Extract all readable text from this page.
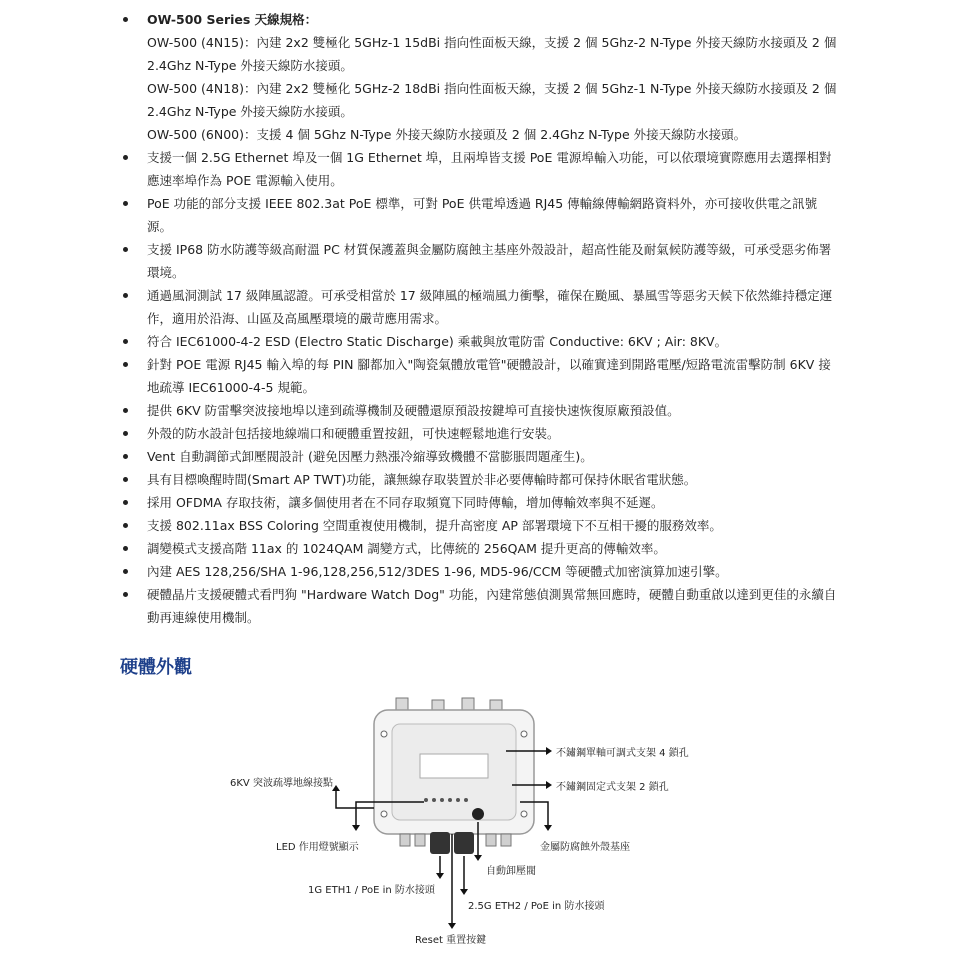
OW-500 Series 天線規格：
OW-500 (4N15)：內建 2x2 雙極化 5GHz-1 15dBi 指向性面板天線，支援 2 個 5Ghz-2 N-Type 外接天線防水接頭及 2 個 2.4Ghz N-Type 外接天線防水接頭。
OW-500 (4N18)：內建 2x2 雙極化 5GHz-2 18dBi 指向性面板天線，支援 2 個 5Ghz-1 N-Type 外接天線防水接頭及 2 個 2.4Ghz N-Type 外接天線防水接頭。
OW-500 (6N00)：支援 4 個 5Ghz N-Type 外接天線防水接頭及 2 個 2.4Ghz N-Type 外接天線防水接頭。
支援一個 2.5G Ethernet 埠及一個 1G Ethernet 埠，且兩埠皆支援 PoE 電源埠輸入功能，可以依環境實際應用去選擇相對應速率埠作為 POE 電源輸入使用。
PoE 功能的部分支援 IEEE 802.3at PoE 標準，可對 PoE 供電埠透過 RJ45 傳輸線傳輸網路資料外，亦可接收供電之訊號源。
支援 IP68 防水防護等級高耐溫 PC 材質保護蓋與金屬防腐蝕主基座外殼設計，超高性能及耐氣候防護等級，可承受惡劣佈署環境。
通過風洞測試 17 級陣風認證。可承受相當於 17 級陣風的極端風力衝擊，確保在颱風、暴風雪等惡劣天候下依然維持穩定運作，適用於沿海、山區及高風壓環境的嚴苛應用需求。
符合 IEC61000-4-2 ESD (Electro Static Discharge) 乘載與放電防雷 Conductive: 6KV ; Air: 8KV。
針對 POE 電源 RJ45 輸入埠的每 PIN 腳都加入"陶瓷氣體放電管"硬體設計，以確實達到開路電壓/短路電流雷擊防制 6KV 接地疏導 IEC61000-4-5 規範。
提供 6KV 防雷擊突波接地埠以達到疏導機制及硬體還原預設按鍵埠可直接快速恢復原廠預設值。
外殼的防水設計包括接地線端口和硬體重置按鈕，可快速輕鬆地進行安裝。
Vent 自動調節式卸壓閥設計 (避免因壓力熱漲冷縮導致機體不當膨脹問題產生)。
具有目標喚醒時間(Smart AP TWT)功能，讓無線存取裝置於非必要傳輸時都可保持休眠省電狀態。
採用 OFDMA 存取技術，讓多個使用者在不同存取頻寬下同時傳輸，增加傳輸效率與不延遲。
支援 802.11ax BSS Coloring 空間重複使用機制，提升高密度 AP 部署環境下不互相干擾的服務效率。
調變模式支援高階 11ax 的 1024QAM 調變方式，比傳統的 256QAM 提升更高的傳輸效率。
內建 AES 128,256/SHA 1-96,128,256,512/3DES 1-96, MD5-96/CCM 等硬體式加密演算加速引擎。
硬體晶片支援硬體式看門狗 "Hardware Watch Dog" 功能，內建常態偵測異常無回應時，硬體自動重啟以達到更佳的永續自動再連線使用機制。
硬體外觀
不鏽鋼單軸可調式支架 4 鎖孔
不鏽鋼固定式支架 2 鎖孔
6KV 突波疏導地線接點
LED 作用燈號顯示	金屬防腐蝕外殼基座
自動卸壓閥
1G ETH1 / PoE in 防水接頭
2.5G ETH2 / PoE in 防水接頭
Reset 重置按鍵
